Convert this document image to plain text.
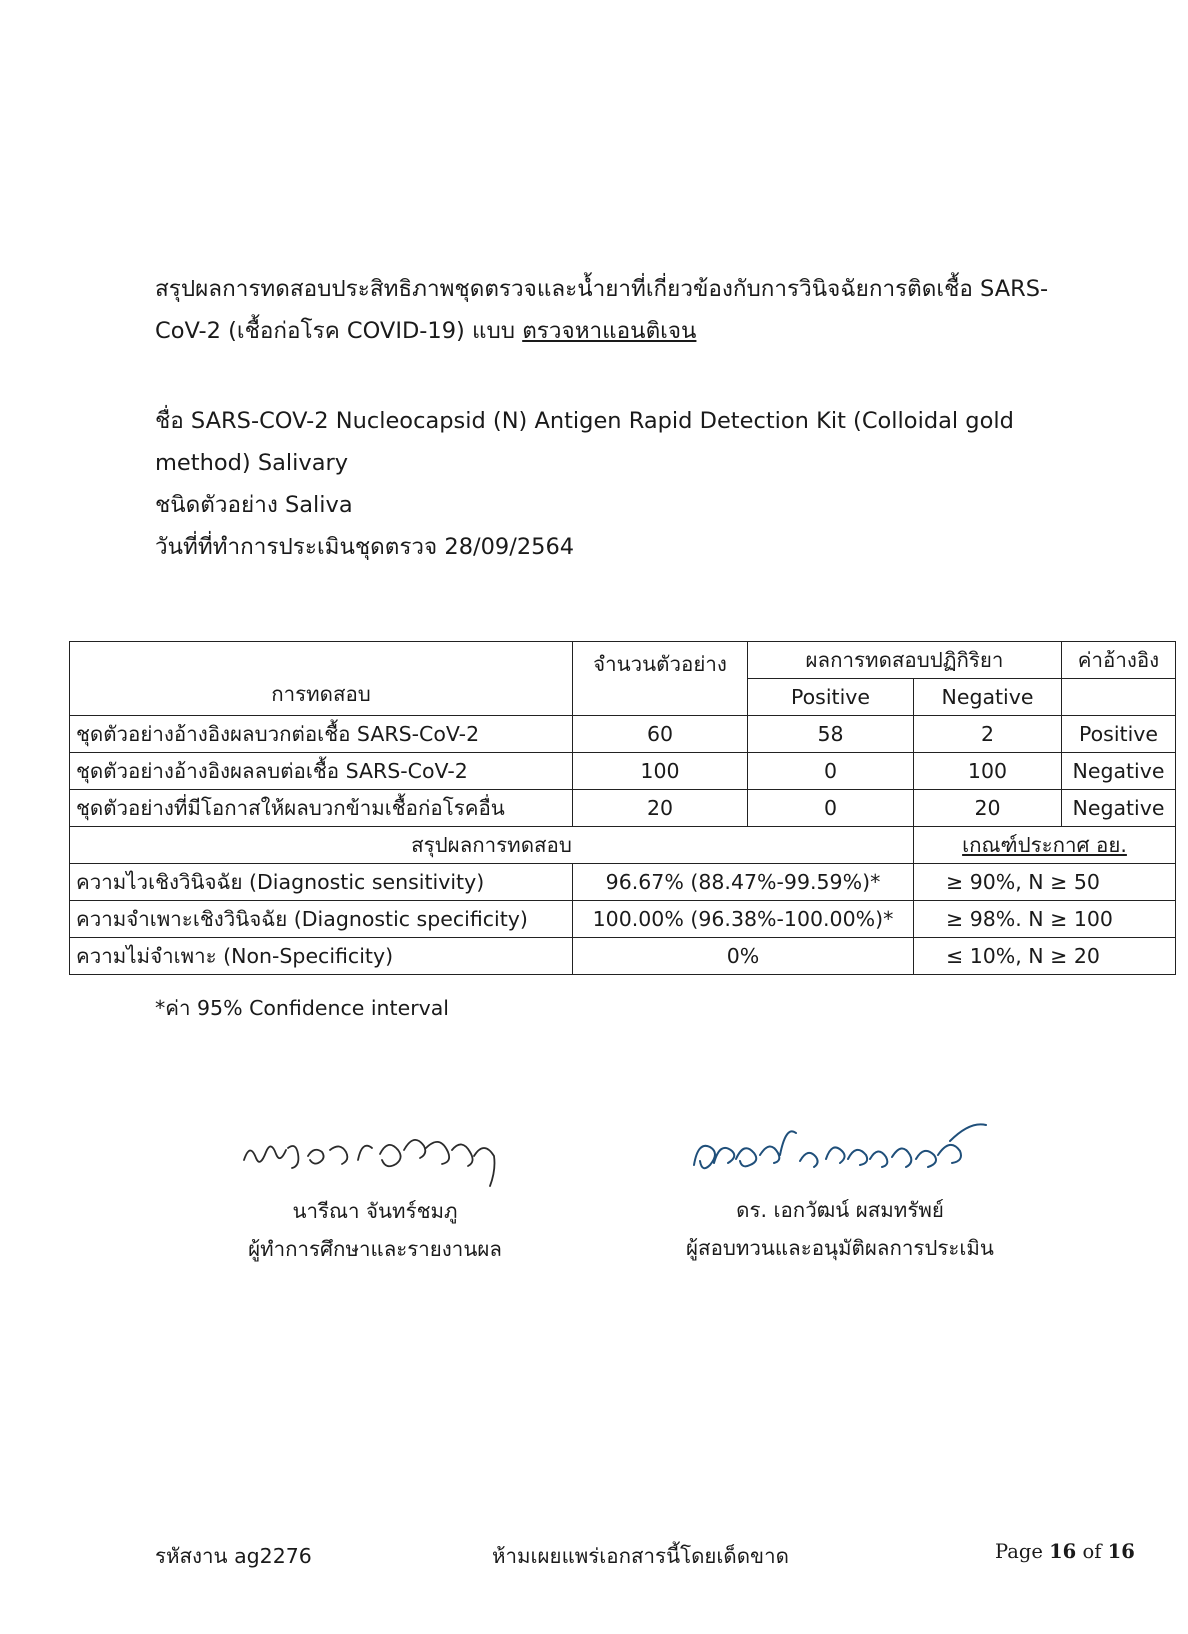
สรุปผลการทดสอบประสิทธิภาพชุดตรวจและน้ำยาที่เกี่ยวข้องกับการวินิจฉัยการติดเชื้อ SARS-
CoV-2 (เชื้อก่อโรค COVID-19) แบบ ตรวจหาแอนติเจน
ชื่อ SARS-COV-2 Nucleocapsid (N) Antigen Rapid Detection Kit (Colloidal gold
method) Salivary
ชนิดตัวอย่าง Saliva
วันที่ที่ทำการประเมินชุดตรวจ 28/09/2564
การทดสอบ	จำนวนตัวอย่าง	ผลการทดสอบปฏิกิริยา		ค่าอ้างอิง
		Positive	Negative	
ชุดตัวอย่างอ้างอิงผลบวกต่อเชื้อ SARS-CoV-2	60	58	2	Positive
ชุดตัวอย่างอ้างอิงผลลบต่อเชื้อ SARS-CoV-2	100	0	100	Negative
ชุดตัวอย่างที่มีโอกาสให้ผลบวกข้ามเชื้อก่อโรคอื่น	20	0	20	Negative
สรุปผลการทดสอบ			เกณฑ์ประกาศ อย.	
ความไวเชิงวินิจฉัย (Diagnostic sensitivity)	96.67% (88.47%-99.59%)*		≥ 90%, N ≥ 50	
ความจำเพาะเชิงวินิจฉัย (Diagnostic specificity)	100.00% (96.38%-100.00%)*		≥ 98%. N ≥ 100	
ความไม่จำเพาะ (Non-Specificity)	0%		≤ 10%, N ≥ 20	
*ค่า 95% Confidence interval
นารีณา จันทร์ชมภู
ผู้ทำการศึกษาและรายงานผล
ดร. เอกวัฒน์ ผสมทรัพย์
ผู้สอบทวนและอนุมัติผลการประเมิน
รหัสงาน ag2276	ห้ามเผยแพร่เอกสารนี้โดยเด็ดขาด	Page 16 of 16
